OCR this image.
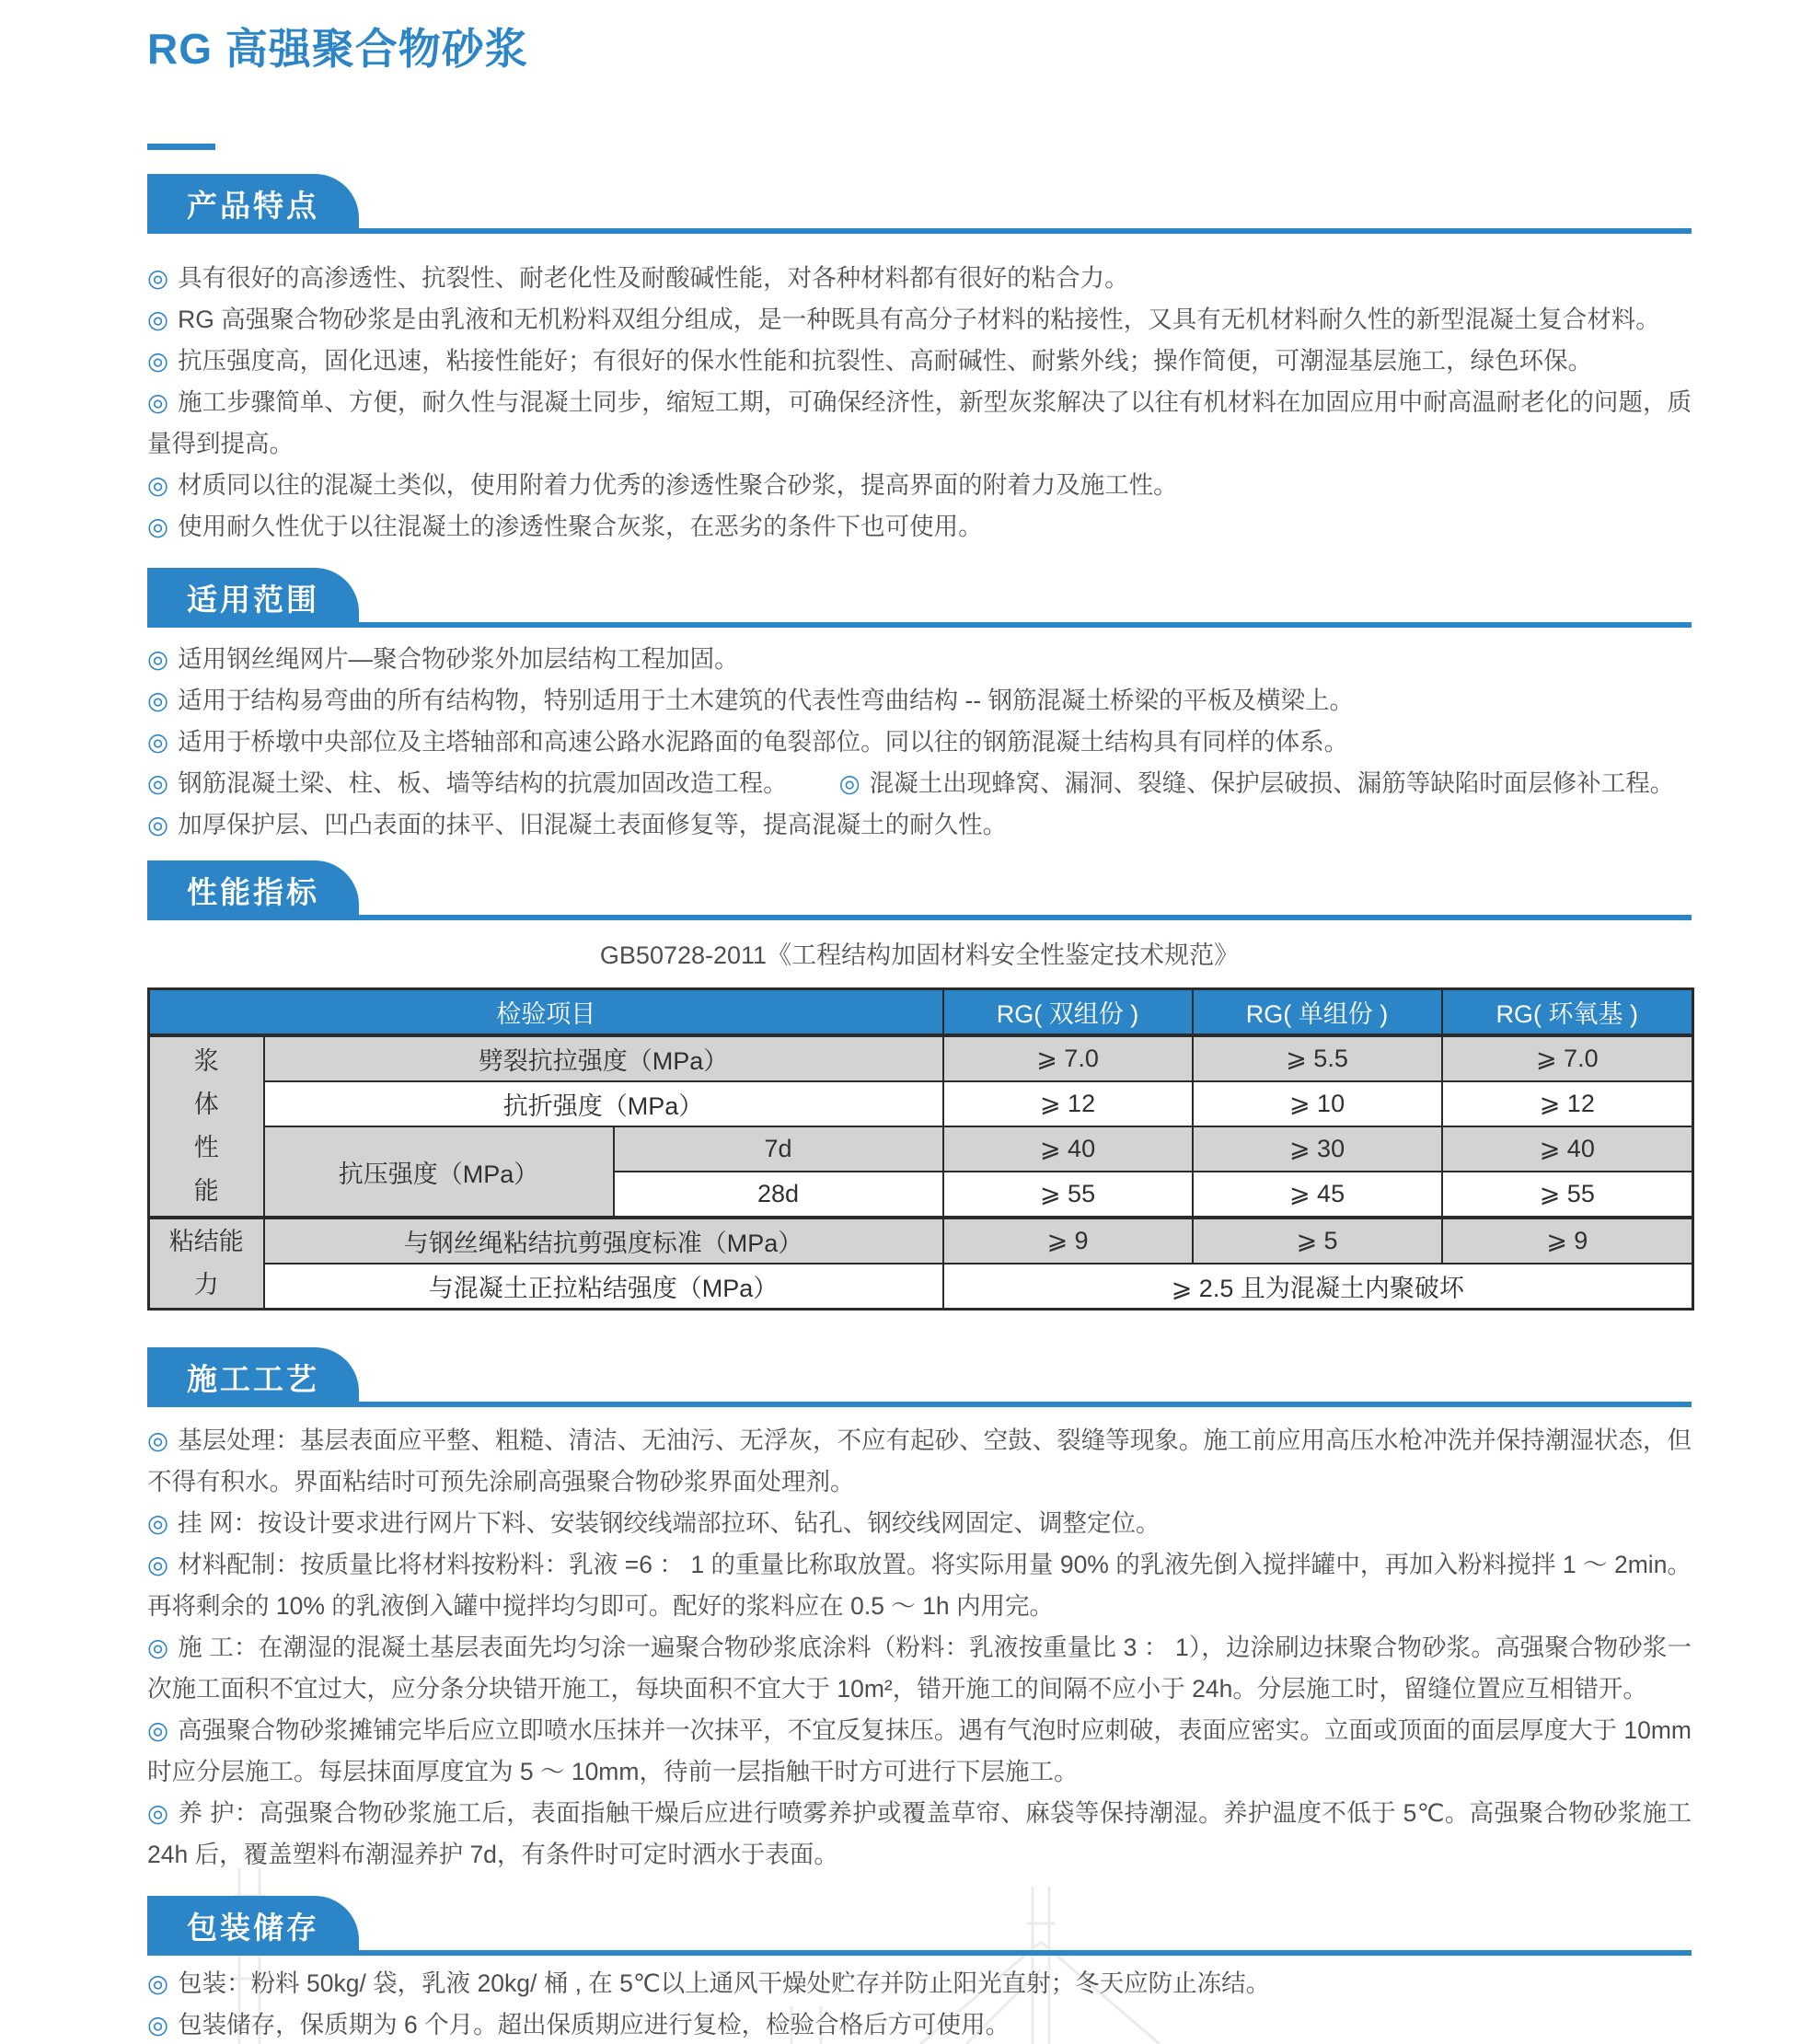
RG 高强聚合物砂浆
产品特点

◎ 具有很好的高渗透性、抗裂性、耐老化性及耐酸碱性能，对各种材料都有很好的粘合力。

◎ RG 高强聚合物砂浆是由乳液和无机粉料双组分组成，是一种既具有高分子材料的粘接性，又具有无机材料耐久性的新型混凝土复合材料。

◎ 抗压强度高，固化迅速，粘接性能好；有很好的保水性能和抗裂性、高耐碱性、耐紫外线；操作简便，可潮湿基层施工，绿色环保。

◎ 施工步骤简单、方便，耐久性与混凝土同步，缩短工期，可确保经济性，新型灰浆解决了以往有机材料在加固应用中耐高温耐老化的问题，质量得到提高。

◎ 材质同以往的混凝土类似，使用附着力优秀的渗透性聚合砂浆，提高界面的附着力及施工性。

◎ 使用耐久性优于以往混凝土的渗透性聚合灰浆，在恶劣的条件下也可使用。

适用范围

◎ 适用钢丝绳网片—聚合物砂浆外加层结构工程加固。

◎ 适用于结构易弯曲的所有结构物，特别适用于土木建筑的代表性弯曲结构 -- 钢筋混凝土桥梁的平板及横梁上。

◎ 适用于桥墩中央部位及主塔轴部和高速公路水泥路面的龟裂部位。同以往的钢筋混凝土结构具有同样的体系。

◎ 钢筋混凝土梁、柱、板、墙等结构的抗震加固改造工程。 ◎ 混凝土出现蜂窝、漏洞、裂缝、保护层破损、漏筋等缺陷时面层修补工程。

◎ 加厚保护层、凹凸表面的抹平、旧混凝土表面修复等，提高混凝土的耐久性。

性能指标
GB50728-2011《工程结构加固材料安全性鉴定技术规范》
检验项目			RG( 双组份 )	RG( 单组份 )	RG( 环氧基 )

浆体性能	劈裂抗拉强度（MPa）		⩾ 7.0	⩾ 5.5	⩾ 7.0
	抗折强度（MPa）		⩾ 12	⩾ 10	⩾ 12
	抗压强度（MPa）	7d	⩾ 40	⩾ 30	⩾ 40
		28d	⩾ 55	⩾ 45	⩾ 55

粘结能力	与钢丝绳粘结抗剪强度标准（MPa）		⩾ 9	⩾ 5	⩾ 9
	与混凝土正拉粘结强度（MPa）		⩾ 2.5 且为混凝土内聚破坏		
施工工艺

◎ 基层处理：基层表面应平整、粗糙、清洁、无油污、无浮灰，不应有起砂、空鼓、裂缝等现象。施工前应用高压水枪冲洗并保持潮湿状态，但不得有积水。界面粘结时可预先涂刷高强聚合物砂浆界面处理剂。

◎ 挂 网：按设计要求进行网片下料、安装钢绞线端部拉环、钻孔、钢绞线网固定、调整定位。

◎ 材料配制：按质量比将材料按粉料：乳液 =6 ： 1 的重量比称取放置。将实际用量 90% 的乳液先倒入搅拌罐中，再加入粉料搅拌 1 ～ 2min。再将剩余的 10% 的乳液倒入罐中搅拌均匀即可。配好的浆料应在 0.5 ～ 1h 内用完。

◎ 施 工：在潮湿的混凝土基层表面先均匀涂一遍聚合物砂浆底涂料（粉料：乳液按重量比 3 ： 1），边涂刷边抹聚合物砂浆。高强聚合物砂浆一次施工面积不宜过大，应分条分块错开施工，每块面积不宜大于 10m²，错开施工的间隔不应小于 24h。分层施工时，留缝位置应互相错开。

◎ 高强聚合物砂浆摊铺完毕后应立即喷水压抹并一次抹平，不宜反复抹压。遇有气泡时应刺破，表面应密实。立面或顶面的面层厚度大于 10mm 时应分层施工。每层抹面厚度宜为 5 ～ 10mm，待前一层指触干时方可进行下层施工。

◎ 养 护：高强聚合物砂浆施工后，表面指触干燥后应进行喷雾养护或覆盖草帘、麻袋等保持潮湿。养护温度不低于 5℃。高强聚合物砂浆施工 24h 后，覆盖塑料布潮湿养护 7d，有条件时可定时洒水于表面。

包装储存

◎ 包装：粉料 50kg/ 袋，乳液 20kg/ 桶 , 在 5℃以上通风干燥处贮存并防止阳光直射；冬天应防止冻结。

◎ 包装储存，保质期为 6 个月。超出保质期应进行复检，检验合格后方可使用。
